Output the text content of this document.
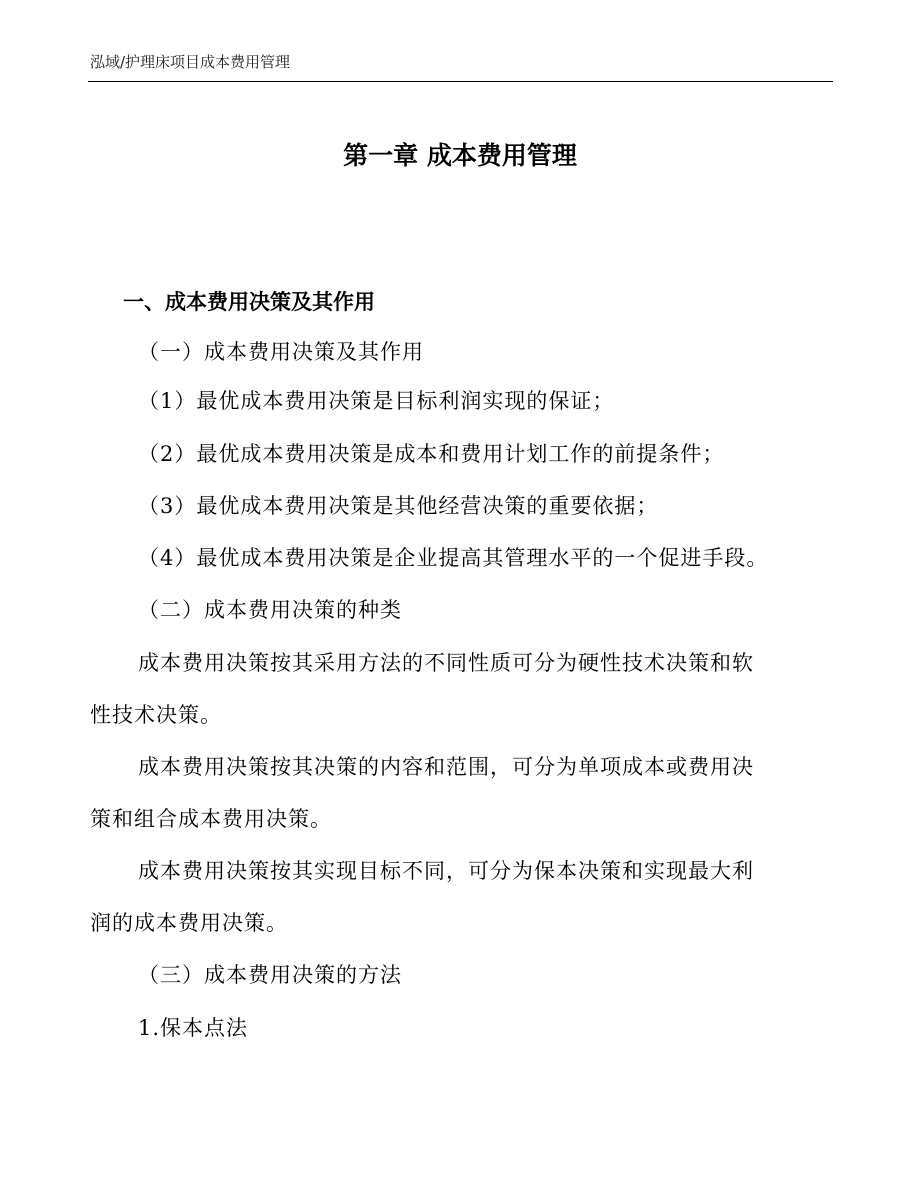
泓域/护理床项目成本费用管理
第一章 成本费用管理
一、成本费用决策及其作用
（一）成本费用决策及其作用
（1）最优成本费用决策是目标利润实现的保证；
（2）最优成本费用决策是成本和费用计划工作的前提条件；
（3）最优成本费用决策是其他经营决策的重要依据；
（4）最优成本费用决策是企业提高其管理水平的一个促进手段。
（二）成本费用决策的种类
成本费用决策按其采用方法的不同性质可分为硬性技术决策和软
性技术决策。
成本费用决策按其决策的内容和范围，可分为单项成本或费用决
策和组合成本费用决策。
成本费用决策按其实现目标不同，可分为保本决策和实现最大利
润的成本费用决策。
（三）成本费用决策的方法
1.保本点法
